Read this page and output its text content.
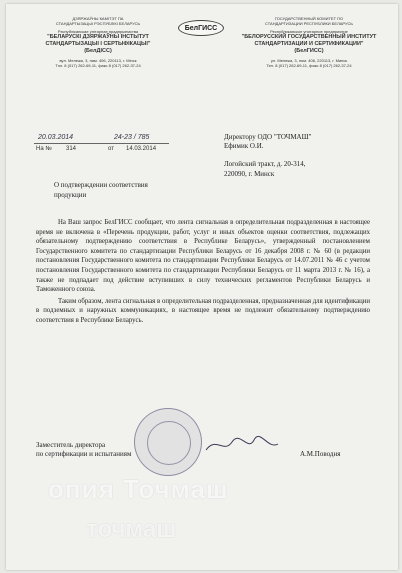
ДЗЯРЖАЎНЫ КАМІТЭТ ПА
СТАНДАРТЫЗАЦЫІ РЭСПУБЛІКІ БЕЛАРУСЬ
Рэспубліканскае унітарнае прадпрыемства
"БЕЛАРУСКІ ДЗЯРЖАЎНЫ ІНСТЫТУТ
СТАНДАРТЫЗАЦЫІ І СЕРТЫФІКАЦЫІ"
(БелДІСС)
вул. Мележа, 3, пам. 406, 220113, г. Мінск
Тэл. 8 (017) 262-69-11, факс 8 (017) 262-37-24
БелГИСС
ГОСУДАРСТВЕННЫЙ КОМИТЕТ ПО
СТАНДАРТИЗАЦИИ РЕСПУБЛИКИ БЕЛАРУСЬ
Республиканское унитарное предприятие
"БЕЛОРУССКИЙ ГОСУДАРСТВЕННЫЙ ИНСТИТУТ
СТАНДАРТИЗАЦИИ И СЕРТИФИКАЦИИ"
(БелГИСС)
ул. Мележа, 3, пом. 406, 220113, г. Минск
Тел. 8 (017) 262-69-11, факс 8 (017) 262-37-24
20.03.2014	24-23 / 785
На № 314	от 14.03.2014
Директору ОДО "ТОЧМАШ"
Ефимик О.И.
Логойский тракт, д. 20-314,
220090, г. Минск
О подтверждении соответствия
продукции

На Ваш запрос БелГИСС сообщает, что лента сигнальная в определительная подразделенная в настоящее время не включена в «Перечень продукции, работ, услуг и иных объектов оценки соответствия, подлежащих обязательному подтверждению соответствия в Республике Беларусь», утвержденный постановлением Государственного комитета по стандартизации Республики Беларусь от 16 декабря 2008 г. № 60 (в редакции постановления Государственного комитета по стандартизации Республики Беларусь от 14.07.2011 № 46 с учетом постановления Государственного комитета по стандартизации Республики Беларусь от 11 марта 2013 г. № 16), а также не подпадает под действие вступивших в силу технических регламентов Республики Беларусь и Таможенного союза.

Таким образом, лента сигнальная в определительная подразделенная, предназначенная для идентификации в подземных и наружных коммуникациях, в настоящее время не подлежит обязательному подтверждению соответствия в Республике Беларусь.

Заместитель директора
по сертификации и испытаниям	А.М.Поводня
опия Точмаш
точмаш
